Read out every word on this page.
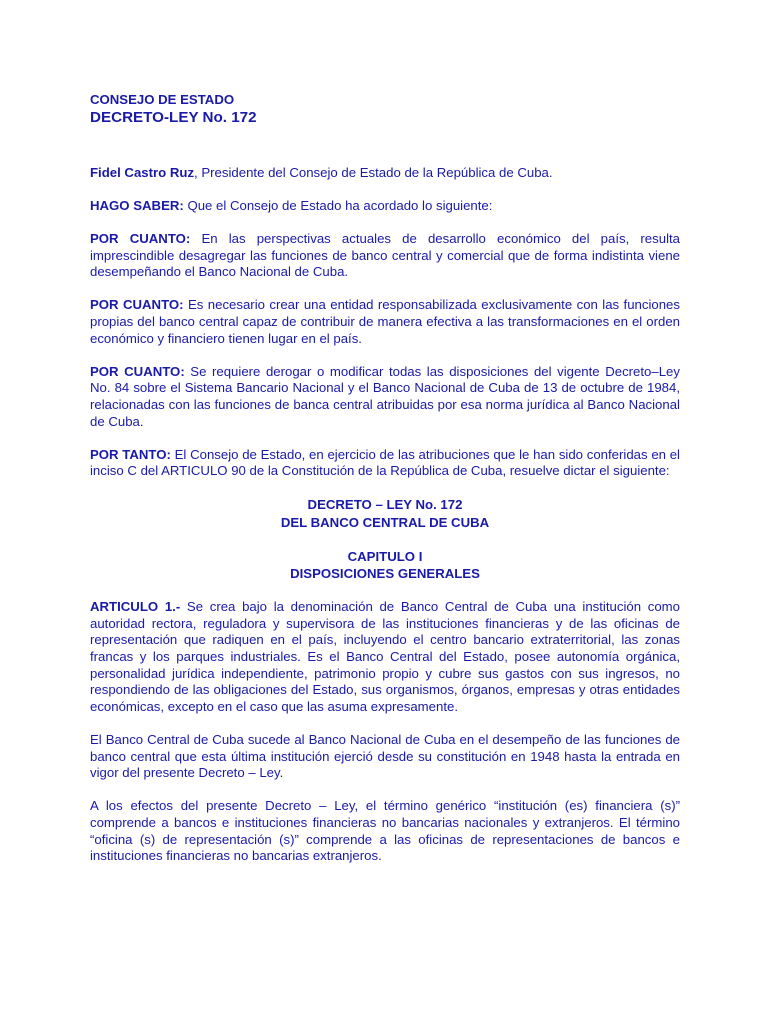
CONSEJO DE ESTADO
DECRETO-LEY No. 172

Fidel Castro Ruz, Presidente del Consejo de Estado de la República de Cuba.

HAGO SABER: Que el Consejo de Estado ha acordado lo siguiente:

POR CUANTO: En las perspectivas actuales de desarrollo económico del país, resulta imprescindible desagregar las funciones de banco central y comercial que de forma indistinta viene desempeñando el Banco Nacional de Cuba.

POR CUANTO: Es necesario crear una entidad responsabilizada exclusivamente con las funciones propias del banco central capaz de contribuir de manera efectiva a las transformaciones en el orden económico y financiero tienen lugar en el país.

POR CUANTO: Se requiere derogar o modificar todas las disposiciones del vigente Decreto–Ley No. 84 sobre el Sistema Bancario Nacional y el Banco Nacional de Cuba de 13 de octubre de 1984, relacionadas con las funciones de banca central atribuidas por esa norma jurídica al Banco Nacional de Cuba.

POR TANTO: El Consejo de Estado, en ejercicio de las atribuciones que le han sido conferidas en el inciso C del ARTICULO 90 de la Constitución de la República de Cuba, resuelve dictar el siguiente:

DECRETO – LEY No. 172
DEL BANCO CENTRAL DE CUBA
CAPITULO I
DISPOSICIONES GENERALES

ARTICULO 1.- Se crea bajo la denominación de Banco Central de Cuba una institución como autoridad rectora, reguladora y supervisora de las instituciones financieras y de las oficinas de representación que radiquen en el país, incluyendo el centro bancario extraterritorial, las zonas francas y los parques industriales. Es el Banco Central del Estado, posee autonomía orgánica, personalidad jurídica independiente, patrimonio propio y cubre sus gastos con sus ingresos, no respondiendo de las obligaciones del Estado, sus organismos, órganos, empresas y otras entidades económicas, excepto en el caso que las asuma expresamente.

El Banco Central de Cuba sucede al Banco Nacional de Cuba en el desempeño de las funciones de banco central que esta última institución ejerció desde su constitución en 1948 hasta la entrada en vigor del presente Decreto – Ley.

A los efectos del presente Decreto – Ley, el término genérico “institución (es) financiera (s)” comprende a bancos e instituciones financieras no bancarias nacionales y extranjeros. El término “oficina (s) de representación (s)” comprende a las oficinas de representaciones de bancos e instituciones financieras no bancarias extranjeros.
